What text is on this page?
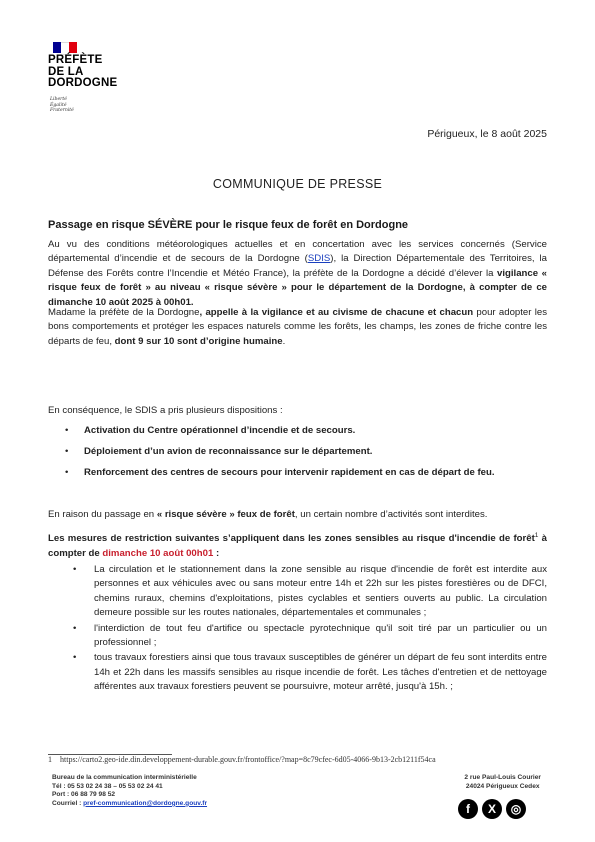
PRÉFÈTE
DE LA
DORDOGNE
Liberté
Égalité
Fraternité
Périgueux, le 8 août 2025
COMMUNIQUE DE PRESSE
Passage en risque SÉVÈRE pour le risque feux de forêt en Dordogne
Au vu des conditions météorologiques actuelles et en concertation avec les services concernés (Service départemental d’incendie et de secours de la Dordogne (SDIS), la Direction Départementale des Territoires, la Défense des Forêts contre l’Incendie et Météo France), la préfète de la Dordogne a décidé d’élever la vigilance « risque feux de forêt » au niveau « risque sévère » pour le département de la Dordogne, à compter de ce dimanche 10 août 2025 à 00h01.
Madame la préfète de la Dordogne, appelle à la vigilance et au civisme de chacune et chacun pour adopter les bons comportements et protéger les espaces naturels comme les forêts, les champs, les zones de friche contre les départs de feu, dont 9 sur 10 sont d’origine humaine.
En conséquence, le SDIS a pris plusieurs dispositions :
• Activation du Centre opérationnel d’incendie et de secours.
• Déploiement d’un avion de reconnaissance sur le département.
• Renforcement des centres de secours pour intervenir rapidement en cas de départ de feu.
En raison du passage en « risque sévère » feux de forêt, un certain nombre d’activités sont interdites.
Les mesures de restriction suivantes s’appliquent dans les zones sensibles au risque d'incendie de forêt$^1$ à compter de dimanche 10 août 00h01 :
• La circulation et le stationnement dans la zone sensible au risque d'incendie de forêt est interdite aux personnes et aux véhicules avec ou sans moteur entre 14h et 22h sur les pistes forestières ou de DFCI, chemins ruraux, chemins d'exploitations, pistes cyclables et sentiers ouverts au public. La circulation demeure possible sur les routes nationales, départementales et communales ;
• l'interdiction de tout feu d'artifice ou spectacle pyrotechnique qu'il soit tiré par un particulier ou un professionnel ;
• tous travaux forestiers ainsi que tous travaux susceptibles de générer un départ de feu sont interdits entre 14h et 22h dans les massifs sensibles au risque incendie de forêt. Les tâches d'entretien et de nettoyage afférentes aux travaux forestiers peuvent se poursuivre, moteur arrêté, jusqu'à 15h. ;
1 https://carto2.geo-ide.din.developpement-durable.gouv.fr/frontoffice/?map=8c79cfec-6d05-4066-9b13-2cb1211f54ca
Bureau de la communication interministérielle
Tél : 05 53 02 24 38 – 05 53 02 24 41
Port : 06 88 79 98 52
Courriel : pref-communication@dordogne.gouv.fr
2 rue Paul-Louis Courier
24024 Périgueux Cedex
f	X	◎
